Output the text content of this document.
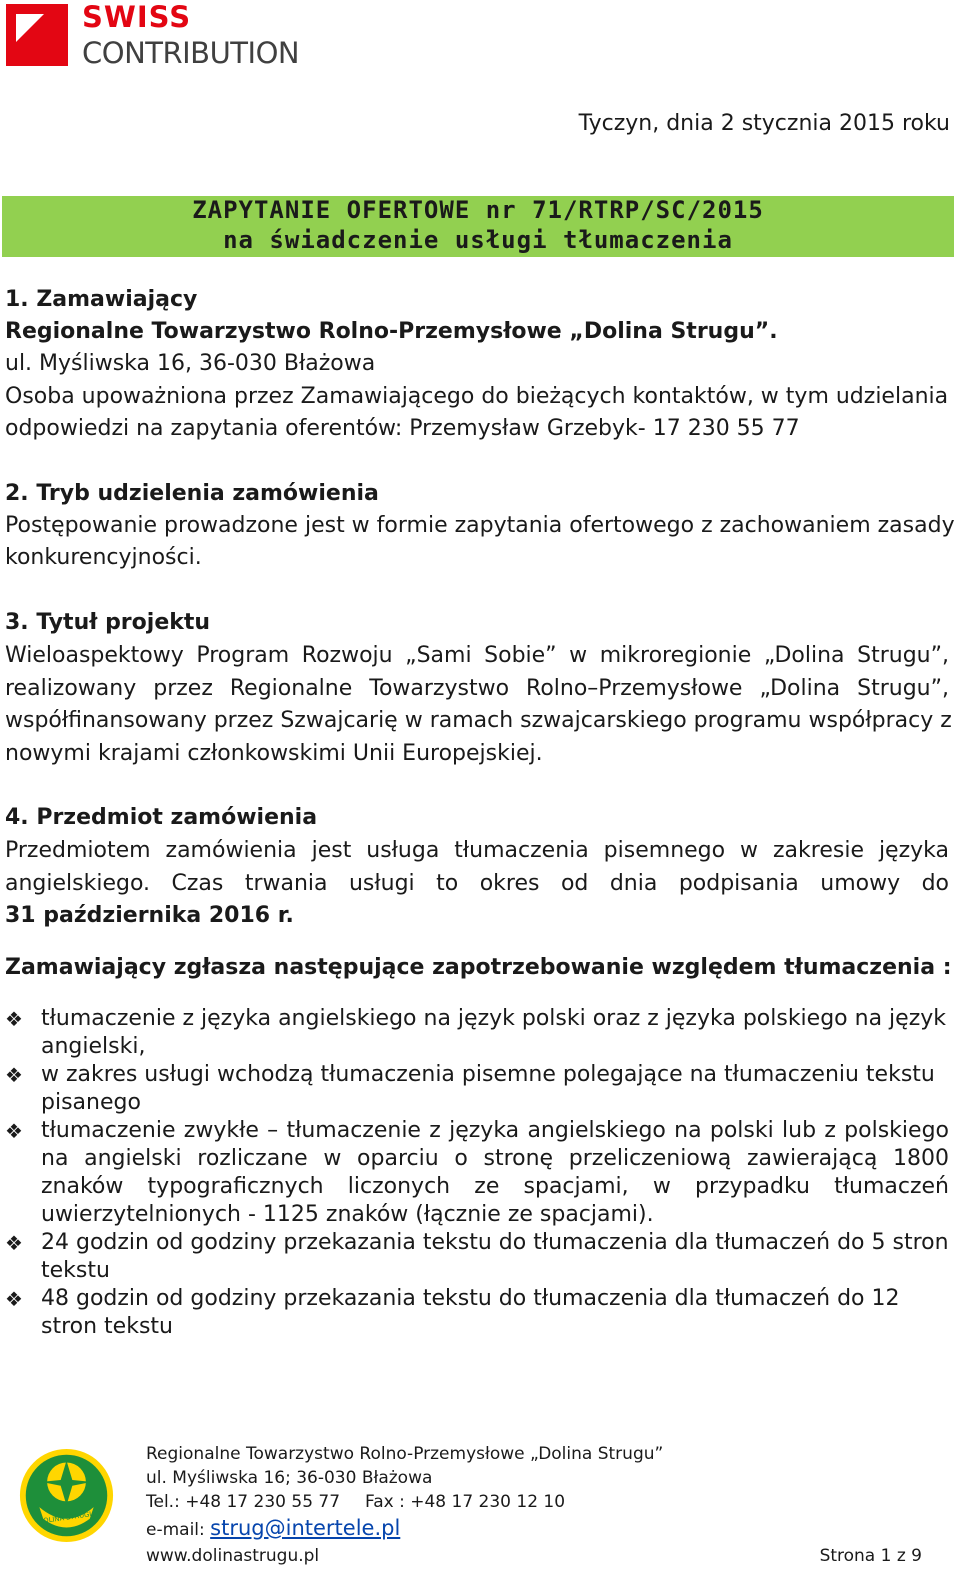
SWISS
CONTRIBUTION
Tyczyn, dnia 2 stycznia 2015 roku
ZAPYTANIE OFERTOWE nr 71/RTRP/SC/2015
na świadczenie usługi tłumaczenia
1. Zamawiający
Regionalne Towarzystwo Rolno-Przemysłowe „Dolina Strugu”.
ul. Myśliwska 16, 36-030 Błażowa
Osoba upoważniona przez Zamawiającego do bieżących kontaktów, w tym udzielania
odpowiedzi na zapytania oferentów: Przemysław Grzebyk- 17 230 55 77
2. Tryb udzielenia zamówienia
Postępowanie prowadzone jest w formie zapytania ofertowego z zachowaniem zasady
konkurencyjności.
3. Tytuł projektu
Wieloaspektowy Program Rozwoju „Sami Sobie” w mikroregionie „Dolina Strugu”,
realizowany przez Regionalne Towarzystwo Rolno–Przemysłowe „Dolina Strugu”,
współfinansowany przez Szwajcarię w ramach szwajcarskiego programu współpracy z
nowymi krajami członkowskimi Unii Europejskiej.
4. Przedmiot zamówienia
Przedmiotem zamówienia jest usługa tłumaczenia pisemnego w zakresie języka
angielskiego. Czas trwania usługi to okres od dnia podpisania umowy do
31 października 2016 r.
Zamawiający zgłasza następujące zapotrzebowanie względem tłumaczenia :
❖ tłumaczenie z języka angielskiego na język polski oraz z języka polskiego na język angielski,
❖ w zakres usługi wchodzą tłumaczenia pisemne polegające na tłumaczeniu tekstu pisanego
❖ tłumaczenie zwykłe – tłumaczenie z języka angielskiego na polski lub z polskiego na angielski rozliczane w oparciu o stronę przeliczeniową zawierającą 1800 znaków typograficznych liczonych ze spacjami, w przypadku tłumaczeń uwierzytelnionych - 1125 znaków (łącznie ze spacjami).
❖ 24 godzin od godziny przekazania tekstu do tłumaczenia dla tłumaczeń do 5 stron tekstu
❖ 48 godzin od godziny przekazania tekstu do tłumaczenia dla tłumaczeń do 12 stron tekstu
DOLINA STRUGU
Regionalne Towarzystwo Rolno-Przemysłowe „Dolina Strugu”
ul. Myśliwska 16; 36-030 Błażowa
Tel.: +48 17 230 55 77 Fax : +48 17 230 12 10
e-mail: strug@intertele.pl
www.dolinastrugu.pl	Strona 1 z 9
